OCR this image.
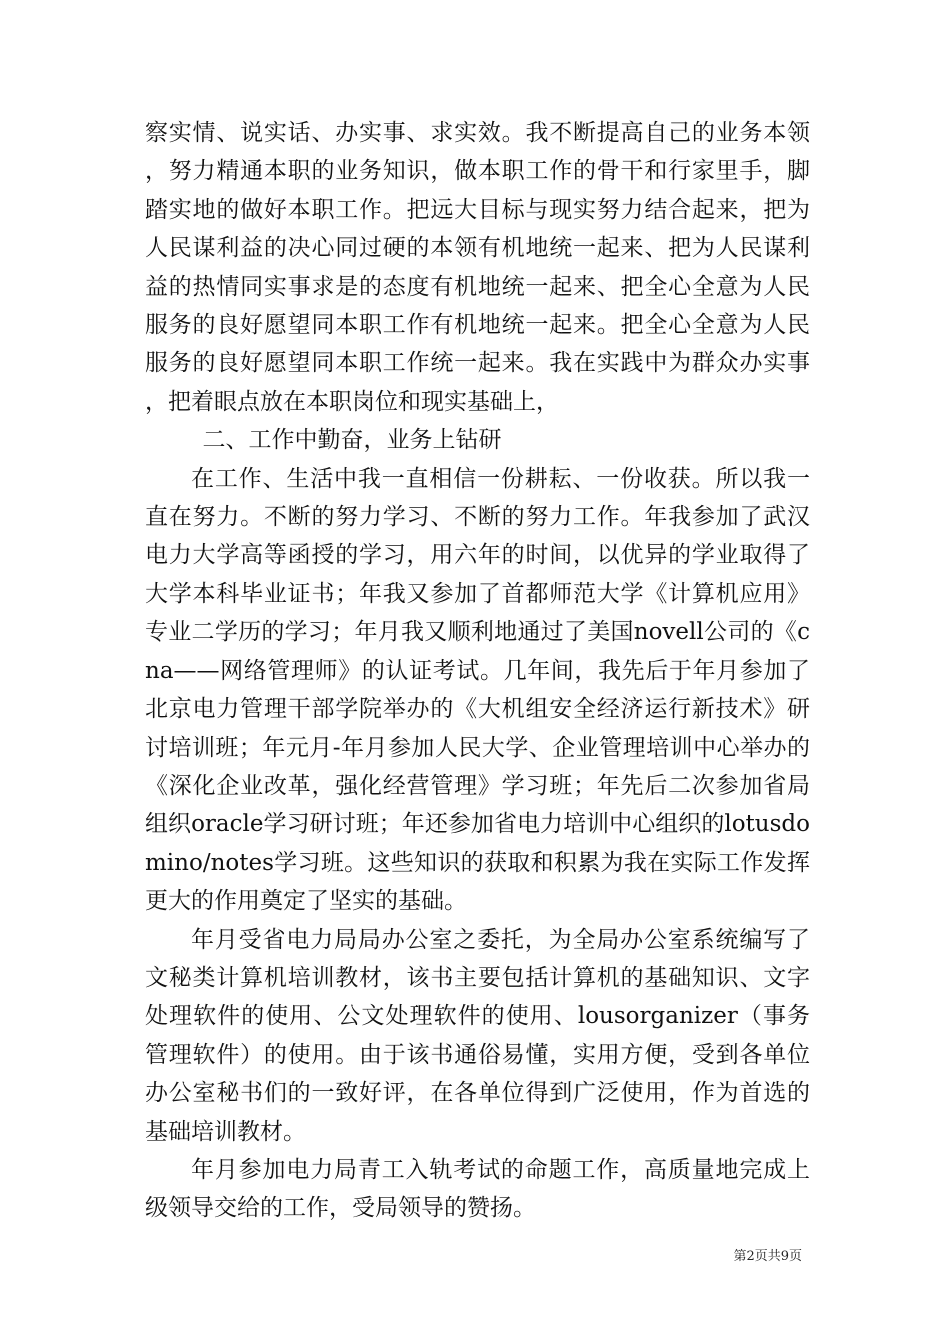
察实情、说实话、办实事、求实效。我不断提高自己的业务本领，努力精通本职的业务知识，做本职工作的骨干和行家里手，脚踏实地的做好本职工作。把远大目标与现实努力结合起来，把为人民谋利益的决心同过硬的本领有机地统一起来、把为人民谋利益的热情同实事求是的态度有机地统一起来、把全心全意为人民服务的良好愿望同本职工作有机地统一起来。把全心全意为人民服务的良好愿望同本职工作统一起来。我在实践中为群众办实事，把着眼点放在本职岗位和现实基础上，

二、工作中勤奋，业务上钻研

在工作、生活中我一直相信一份耕耘、一份收获。所以我一直在努力。不断的努力学习、不断的努力工作。年我参加了武汉电力大学高等函授的学习，用六年的时间，以优异的学业取得了大学本科毕业证书；年我又参加了首都师范大学《计算机应用》专业二学历的学习；年月我又顺利地通过了美国novell公司的《cna——网络管理师》的认证考试。几年间，我先后于年月参加了北京电力管理干部学院举办的《大机组安全经济运行新技术》研讨培训班；年元月-年月参加人民大学、企业管理培训中心举办的《深化企业改革，强化经营管理》学习班；年先后二次参加省局组织oracle学习研讨班；年还参加省电力培训中心组织的lotusdomino/notes学习班。这些知识的获取和积累为我在实际工作发挥更大的作用奠定了坚实的基础。

年月受省电力局局办公室之委托，为全局办公室系统编写了文秘类计算机培训教材，该书主要包括计算机的基础知识、文字处理软件的使用、公文处理软件的使用、lousorganizer（事务管理软件）的使用。由于该书通俗易懂，实用方便，受到各单位办公室秘书们的一致好评，在各单位得到广泛使用，作为首选的基础培训教材。

年月参加电力局青工入轨考试的命题工作，高质量地完成上级领导交给的工作，受局领导的赞扬。

第2页共9页
